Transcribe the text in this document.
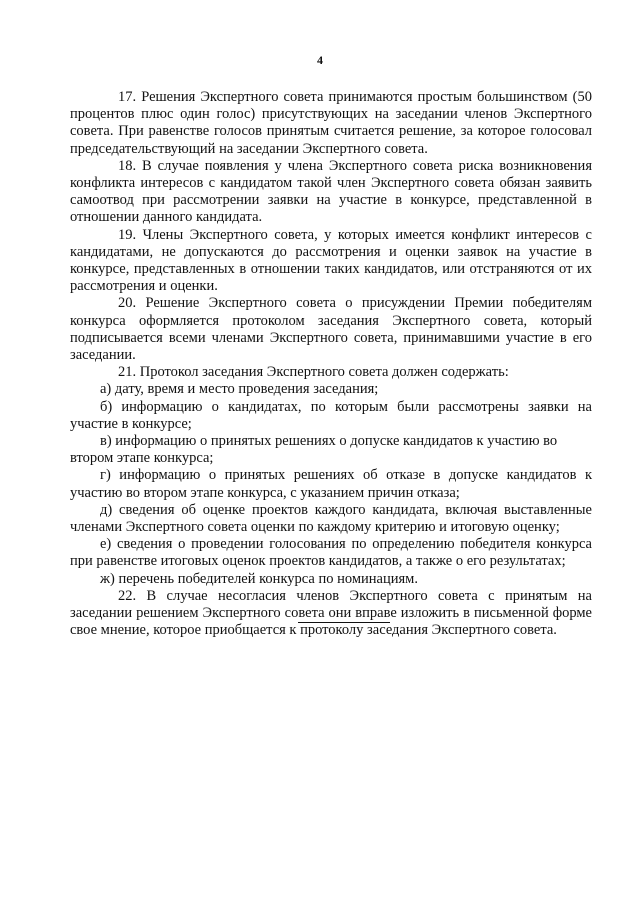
4

17. Решения Экспертного совета принимаются простым большинством (50 процентов плюс один голос) присутствующих на заседании членов Экспертного совета. При равенстве голосов принятым считается решение, за которое голосовал председательствующий на заседании Экспертного совета.

18. В случае появления у члена Экспертного совета риска возникновения конфликта интересов с кандидатом такой член Экспертного совета обязан заявить самоотвод при рассмотрении заявки на участие в конкурсе, представленной в отношении данного кандидата.

19. Члены Экспертного совета, у которых имеется конфликт интересов с кандидатами, не допускаются до рассмотрения и оценки заявок на участие в конкурсе, представленных в отношении таких кандидатов, или отстраняются от их рассмотрения и оценки.

20. Решение Экспертного совета о присуждении Премии победителям конкурса оформляется протоколом заседания Экспертного совета, который подписывается всеми членами Экспертного совета, принимавшими участие в его заседании.

21. Протокол заседания Экспертного совета должен содержать:

а) дату, время и место проведения заседания;

б) информацию о кандидатах, по которым были рассмотрены заявки на участие в конкурсе;

в) информацию о принятых решениях о допуске кандидатов к участию во втором этапе конкурса;

г) информацию о принятых решениях об отказе в допуске кандидатов к участию во втором этапе конкурса, с указанием причин отказа;

д) сведения об оценке проектов каждого кандидата, включая выставленные членами Экспертного совета оценки по каждому критерию и итоговую оценку;

е) сведения о проведении голосования по определению победителя конкурса при равенстве итоговых оценок проектов кандидатов, а также о его результатах;

ж) перечень победителей конкурса по номинациям.

22. В случае несогласия членов Экспертного совета с принятым на заседании решением Экспертного совета они вправе изложить в письменной форме свое мнение, которое приобщается к протоколу заседания Экспертного совета.
